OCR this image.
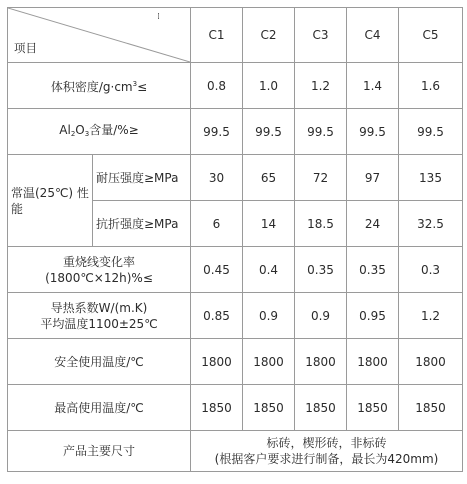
⁞
项目		C1	C2	C3	C4	C5
体积密度$/g\cdot cm^3\le$		0.8	1.0	1.2	1.4	1.6
$Al_2O_3$含量/%≥		99.5	99.5	99.5	99.5	99.5
常温(25℃) 性能	耐压强度≥MPa	30	65	72	97	135
	抗折强度≥MPa	6	14	18.5	24	32.5

重烧线变化率
(1800℃×12h)%≤		0.45	0.4	0.35	0.35	0.3

导热系数W/(m.K)
平均温度1100±25℃		0.85	0.9	0.9	0.95	1.2
安全使用温度/℃		1800	1800	1800	1800	1800
最高使用温度/℃		1850	1850	1850	1850	1850
产品主要尺寸		标砖，楔形砖，非标砖
(根据客户要求进行制备，最长为420mm)				
